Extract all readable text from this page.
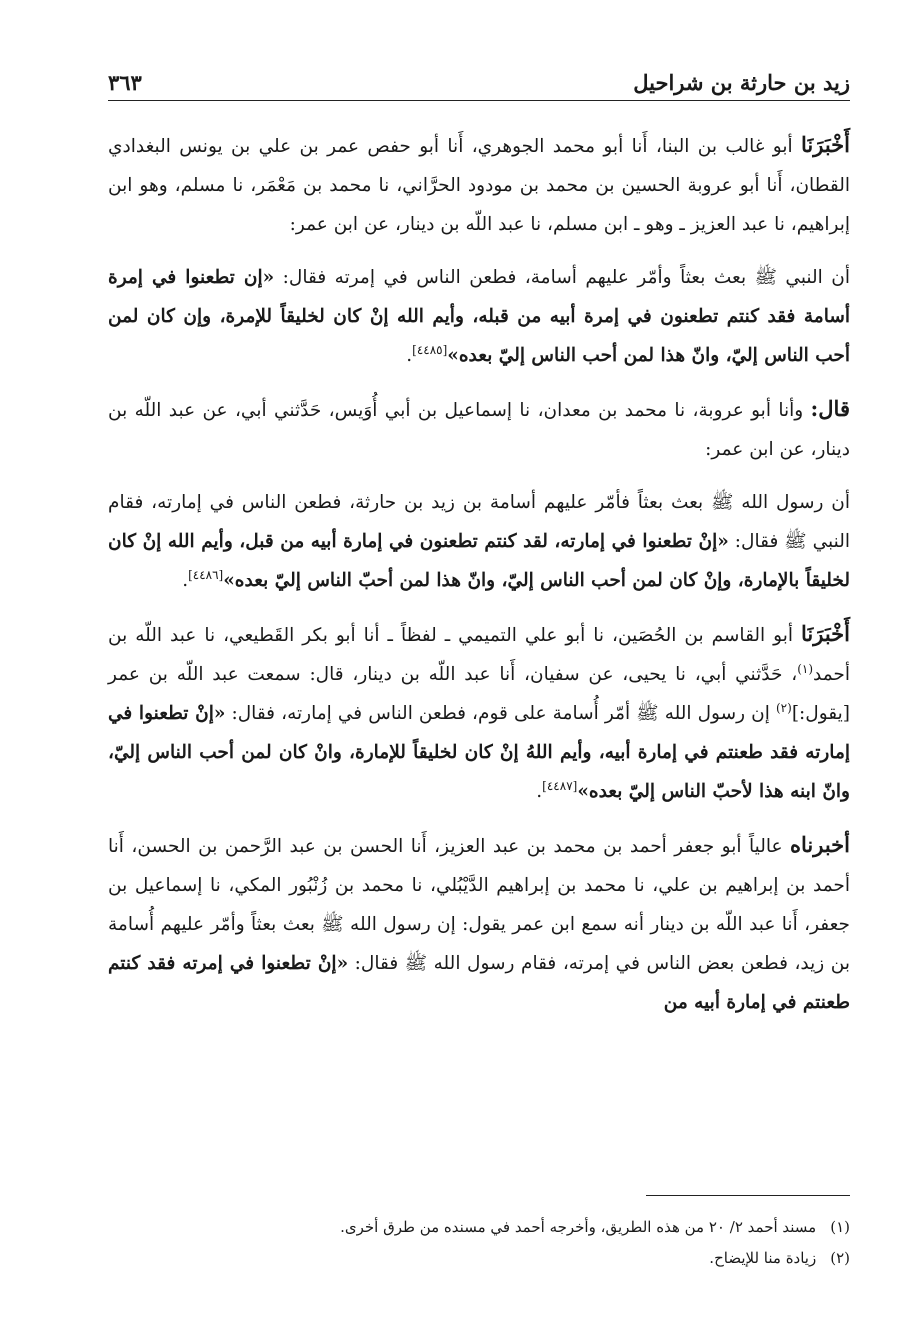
زيد بن حارثة بن شراحيل
٣٦٣

أَخْبَرَنَا أبو غالب بن البنا، أَنا أبو محمد الجوهري، أَنا أبو حفص عمر بن علي بن يونس البغدادي القطان، أَنا أبو عروبة الحسين بن محمد بن مودود الحرَّاني، نا محمد بن مَعْمَر، نا مسلم، وهو ابن إبراهيم، نا عبد العزيز ـ وهو ـ ابن مسلم، نا عبد اللّه بن دينار، عن ابن عمر:

أن النبي ﷺ بعث بعثاً وأمّر عليهم أسامة، فطعن الناس في إمرته فقال: «إن تطعنوا في إمرة أسامة فقد كنتم تطعنون في إمرة أبيه من قبله، وأيم الله إنْ كان لخليقاً للإمرة، وإن كان لمن أحب الناس إليّ، وانّ هذا لمن أحب الناس إليّ بعده»[٤٤٨٥].

قال: وأنا أبو عروبة، نا محمد بن معدان، نا إسماعيل بن أبي أُوَيس، حَدَّثني أبي، عن عبد اللّه بن دينار، عن ابن عمر:

أن رسول الله ﷺ بعث بعثاً فأمّر عليهم أسامة بن زيد بن حارثة، فطعن الناس في إمارته، فقام النبي ﷺ فقال: «إنْ تطعنوا في إمارته، لقد كنتم تطعنون في إمارة أبيه من قبل، وأيم الله إنْ كان لخليقاً بالإمارة، وإنْ كان لمن أحب الناس إليّ، وانّ هذا لمن أحبّ الناس إليّ بعده»[٤٤٨٦].

أَخْبَرَنَا أبو القاسم بن الحُصَين، نا أبو علي التميمي ـ لفظاً ـ أنا أبو بكر القَطيعي، نا عبد اللّه بن أحمد$^{(١)}$، حَدَّثني أبي، نا يحيى، عن سفيان، أَنا عبد اللّه بن دينار، قال: سمعت عبد اللّه بن عمر [يقول:]$^{(٢)}$ إن رسول الله ﷺ أمّر أُسامة على قوم، فطعن الناس في إمارته، فقال: «إنْ تطعنوا في إمارته فقد طعنتم في إمارة أبيه، وأيم اللهُ إنْ كان لخليقاً للإمارة، وانْ كان لمن أحب الناس إليّ، وانّ ابنه هذا لأحبّ الناس إليّ بعده»[٤٤٨٧].

أخبرناه عالياً أبو جعفر أحمد بن محمد بن عبد العزيز، أَنا الحسن بن عبد الرَّحمن بن الحسن، أَنا أحمد بن إبراهيم بن علي، نا محمد بن إبراهيم الدَّيْبُلي، نا محمد بن زُنْبُور المكي، نا إسماعيل بن جعفر، أَنا عبد اللّه بن دينار أنه سمع ابن عمر يقول: إن رسول الله ﷺ بعث بعثاً وأمّر عليهم أُسامة بن زيد، فطعن بعض الناس في إمرته، فقام رسول الله ﷺ فقال: «إنْ تطعنوا في إمرته فقد كنتم طعنتم في إمارة أبيه من

(١)
مسند أحمد ٢/ ٢٠ من هذه الطريق، وأخرجه أحمد في مسنده من طرق أخرى.
(٢)
زيادة منا للإيضاح.
